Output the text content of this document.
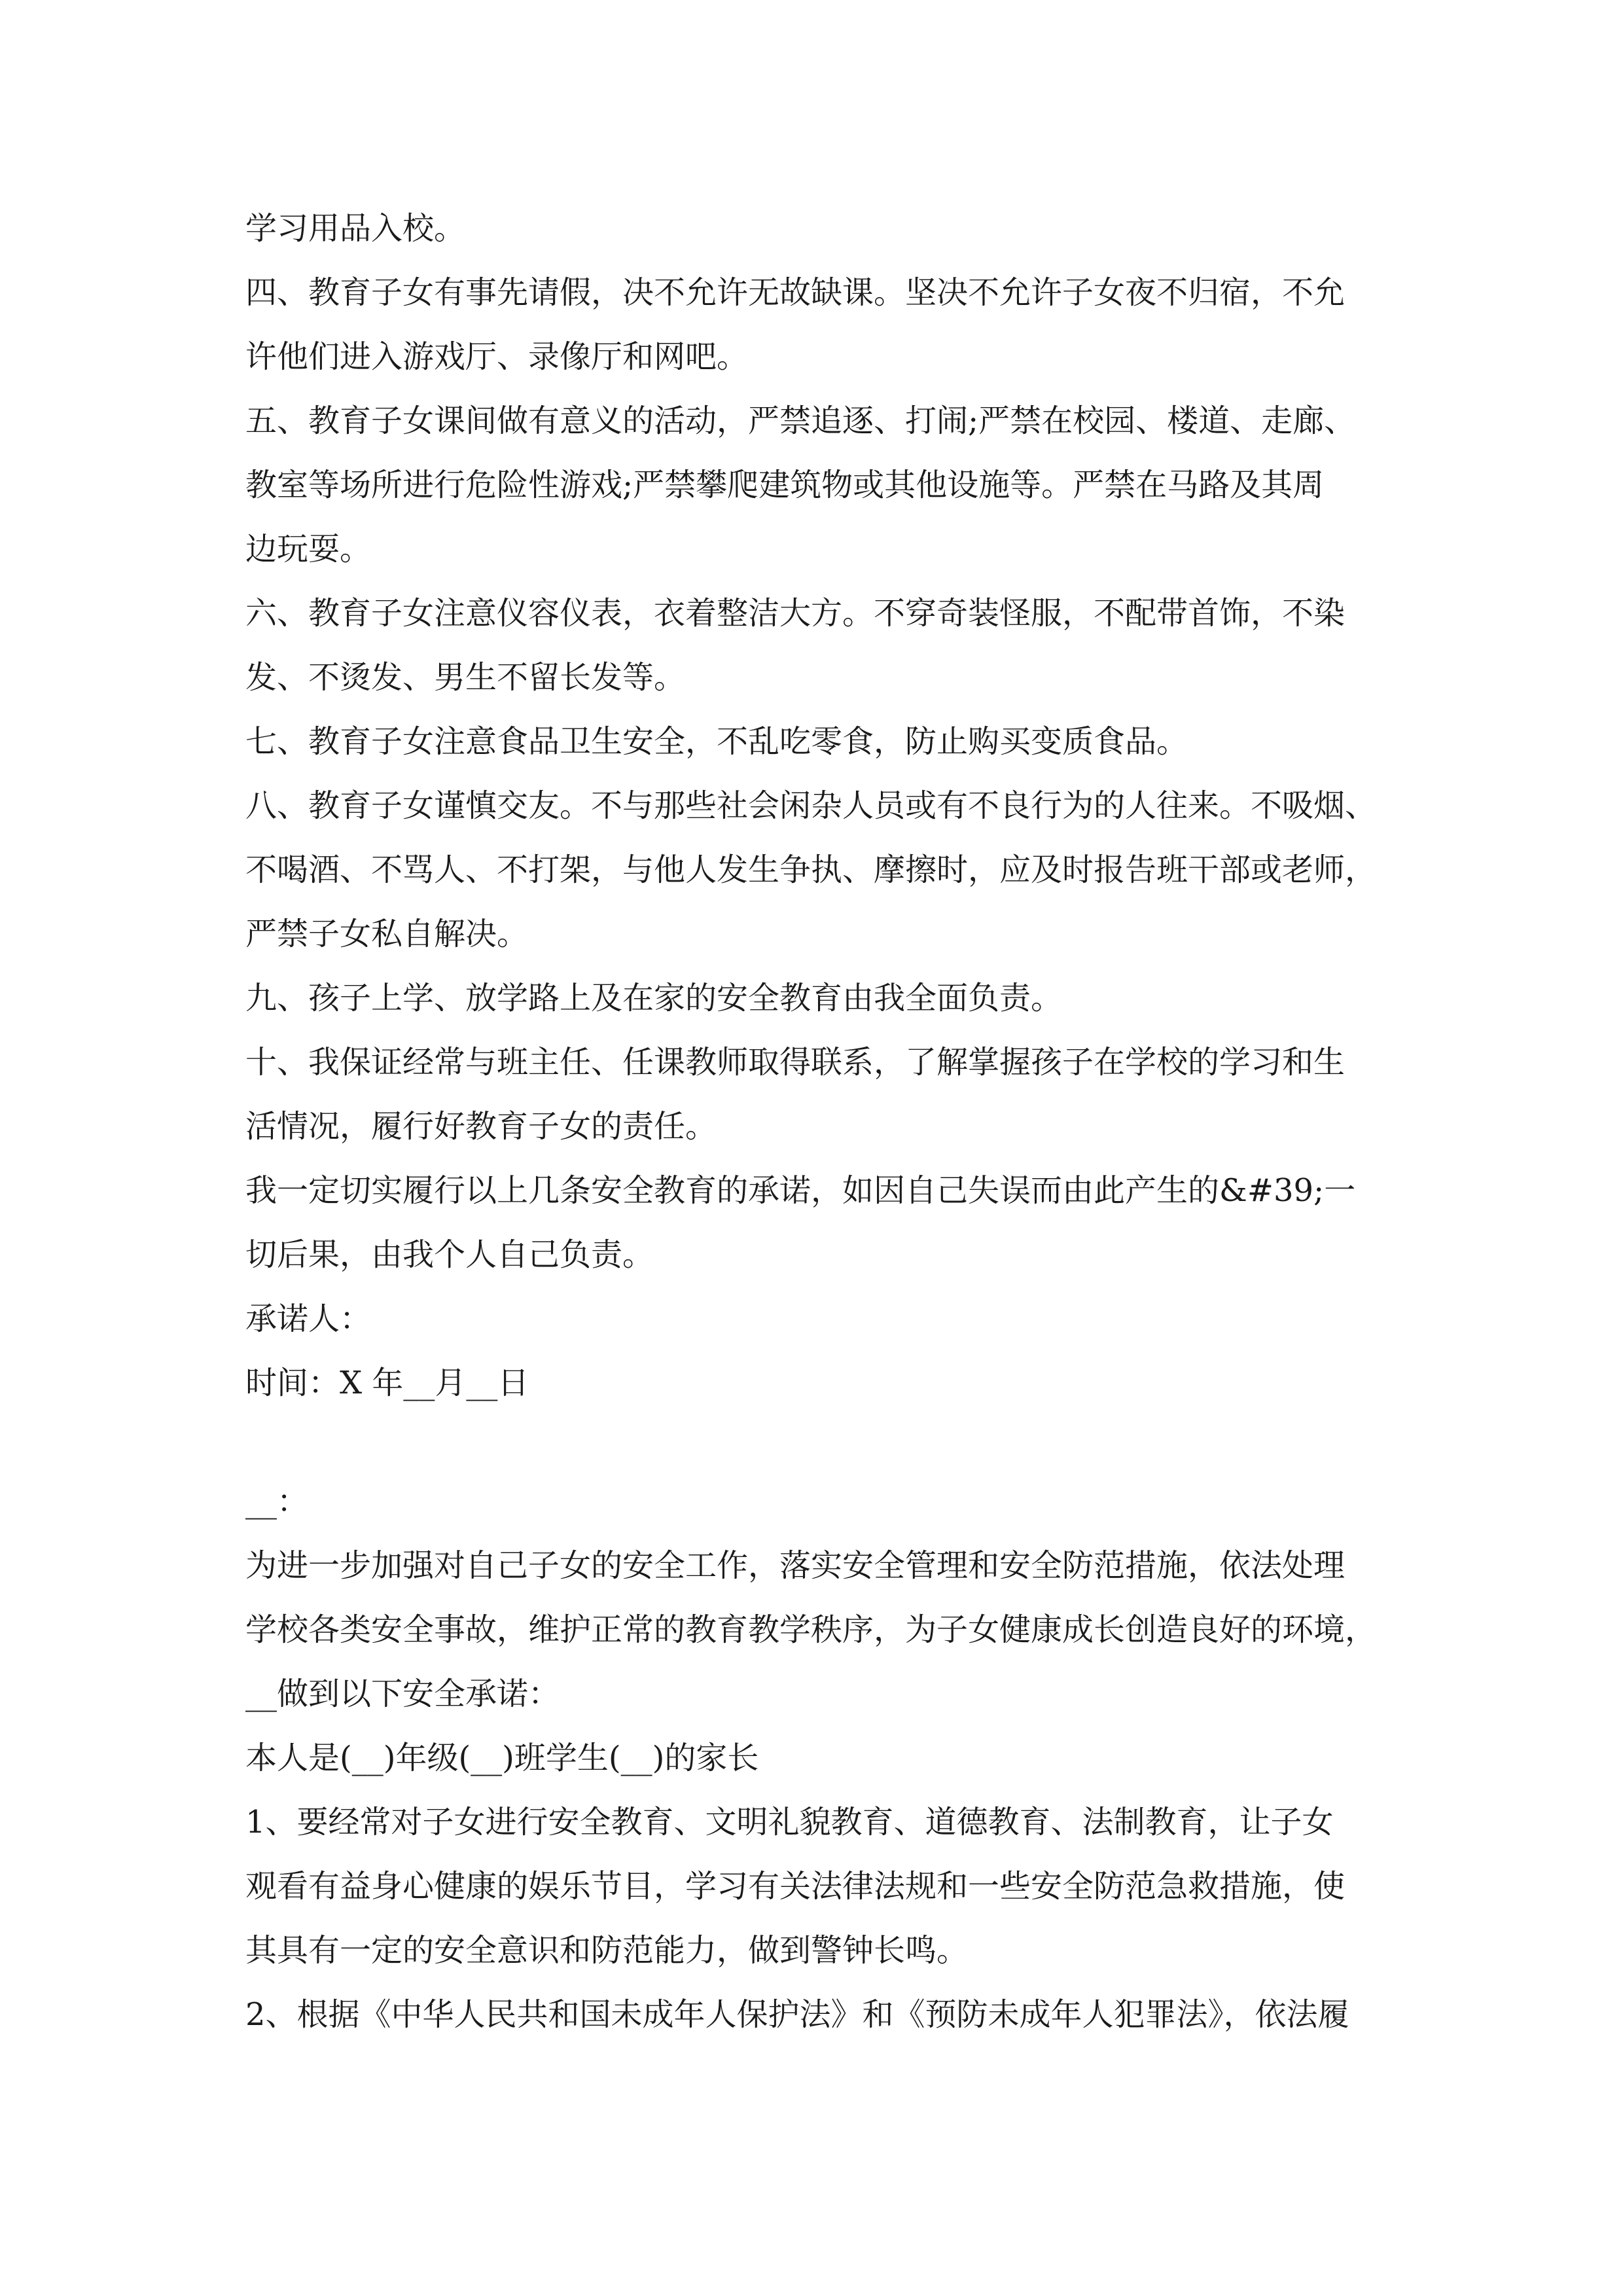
学习用品入校。
四、教育子女有事先请假，决不允许无故缺课。坚决不允许子女夜不归宿，不允
许他们进入游戏厅、录像厅和网吧。
五、教育子女课间做有意义的活动，严禁追逐、打闹;严禁在校园、楼道、走廊、
教室等场所进行危险性游戏;严禁攀爬建筑物或其他设施等。严禁在马路及其周
边玩耍。
六、教育子女注意仪容仪表，衣着整洁大方。不穿奇装怪服，不配带首饰，不染
发、不烫发、男生不留长发等。
七、教育子女注意食品卫生安全，不乱吃零食，防止购买变质食品。
八、教育子女谨慎交友。不与那些社会闲杂人员或有不良行为的人往来。不吸烟、
不喝酒、不骂人、不打架，与他人发生争执、摩擦时，应及时报告班干部或老师，
严禁子女私自解决。
九、孩子上学、放学路上及在家的安全教育由我全面负责。
十、我保证经常与班主任、任课教师取得联系，了解掌握孩子在学校的学习和生
活情况，履行好教育子女的责任。
我一定切实履行以上几条安全教育的承诺，如因自己失误而由此产生的&#39;一
切后果，由我个人自己负责。
承诺人：
时间：X 年__月__日
__：
为进一步加强对自己子女的安全工作，落实安全管理和安全防范措施，依法处理
学校各类安全事故，维护正常的教育教学秩序，为子女健康成长创造良好的环境，
__做到以下安全承诺：
本人是(__)年级(__)班学生(__)的家长
1、要经常对子女进行安全教育、文明礼貌教育、道德教育、法制教育，让子女
观看有益身心健康的娱乐节目，学习有关法律法规和一些安全防范急救措施，使
其具有一定的安全意识和防范能力，做到警钟长鸣。
2、根据《中华人民共和国未成年人保护法》和《预防未成年人犯罪法》，依法履
